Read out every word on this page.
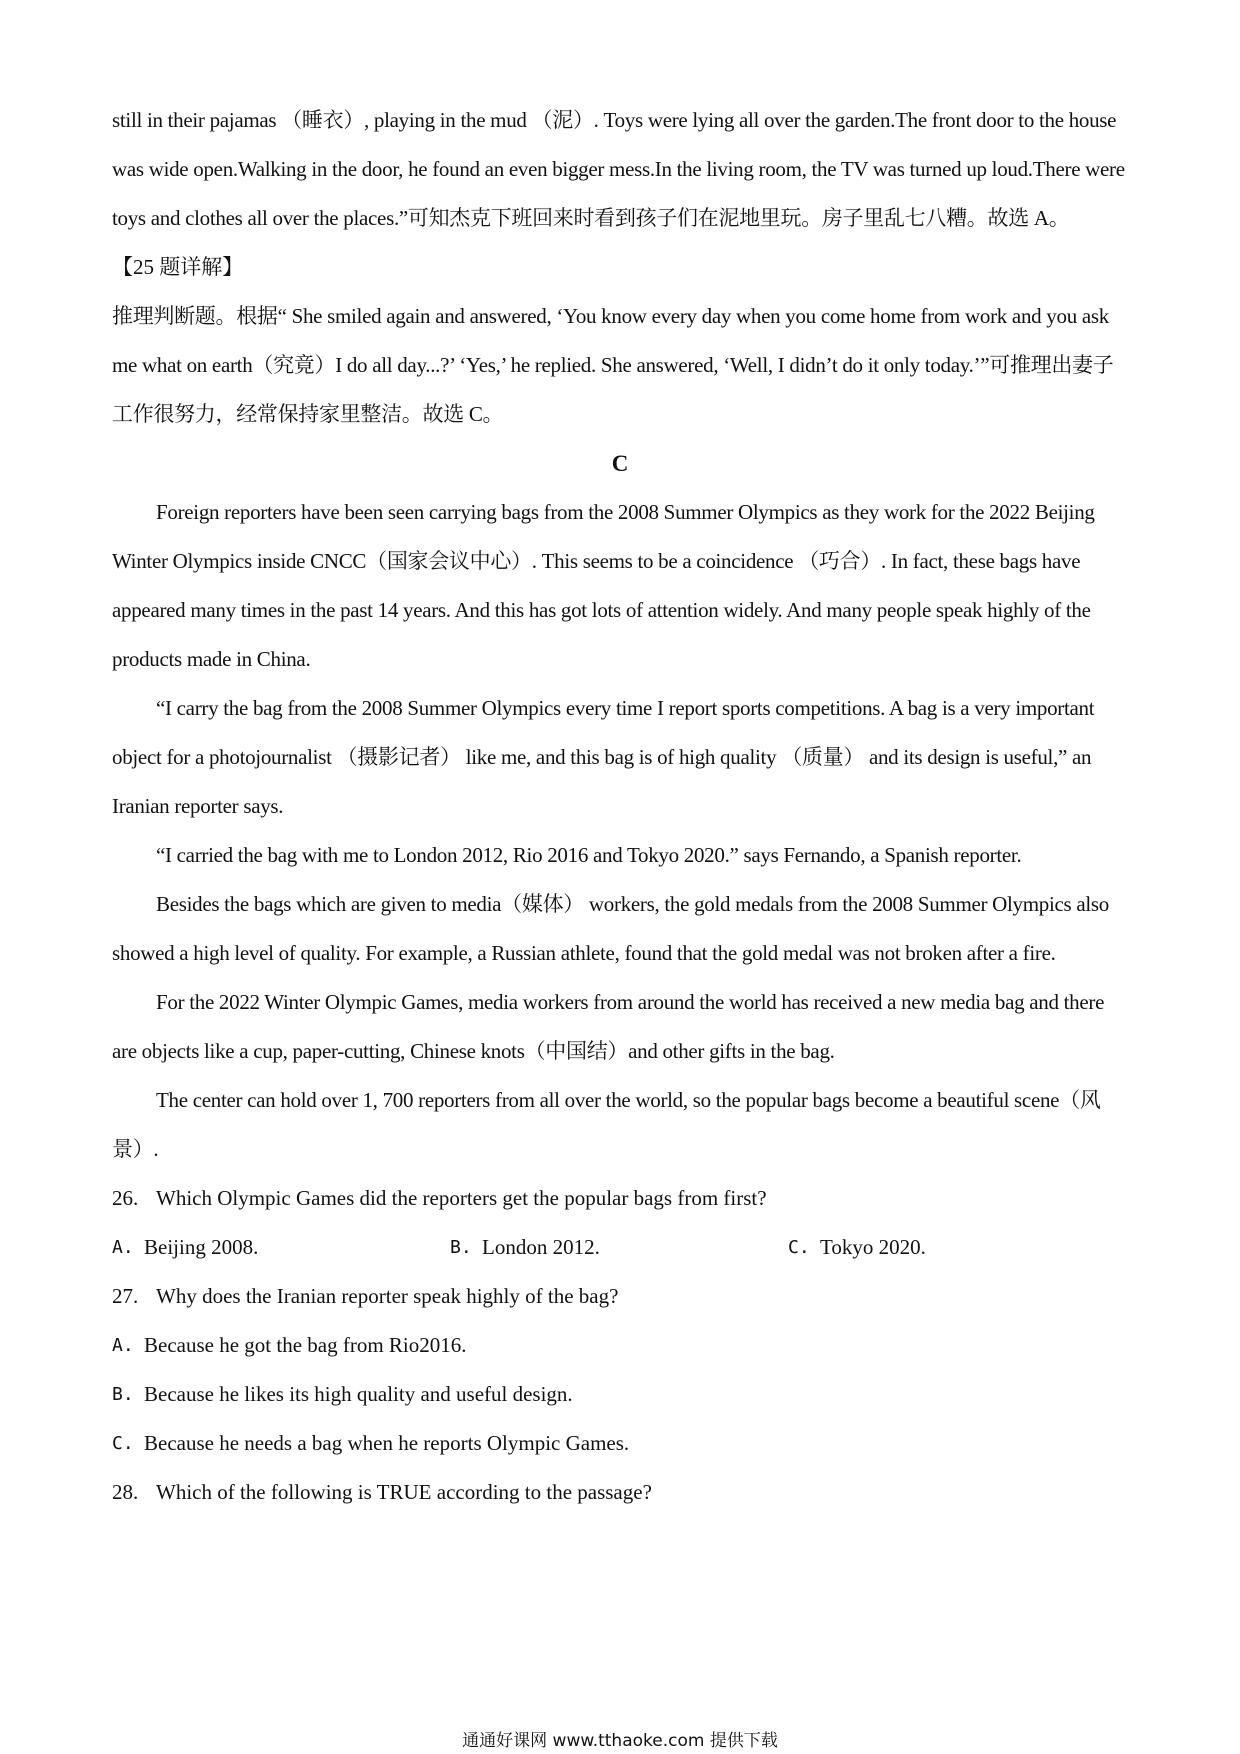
still in their pajamas （睡衣）, playing in the mud （泥）. Toys were lying all over the garden.The front door to the house was wide open.Walking in the door, he found an even bigger mess.In the living room, the TV was turned up loud.There were toys and clothes all over the places.”可知杰克下班回来时看到孩子们在泥地里玩。房子里乱七八糟。故选 A。

【25 题详解】

推理判断题。根据“ She smiled again and answered, ‘You know every day when you come home from work and you ask me what on earth（究竟）I do all day...?’ ‘Yes,’ he replied. She answered, ‘Well, I didn’t do it only today.’”可推理出妻子工作很努力，经常保持家里整洁。故选 C。

C

Foreign reporters have been seen carrying bags from the 2008 Summer Olympics as they work for the 2022 Beijing Winter Olympics inside CNCC（国家会议中心）. This seems to be a coincidence （巧合）. In fact, these bags have appeared many times in the past 14 years. And this has got lots of attention widely. And many people speak highly of the products made in China.

“I carry the bag from the 2008 Summer Olympics every time I report sports competitions. A bag is a very important object for a photojournalist （摄影记者） like me, and this bag is of high quality （质量） and its design is useful,” an Iranian reporter says.

“I carried the bag with me to London 2012, Rio 2016 and Tokyo 2020.” says Fernando, a Spanish reporter.

Besides the bags which are given to media（媒体） workers, the gold medals from the 2008 Summer Olympics also showed a high level of quality. For example, a Russian athlete, found that the gold medal was not broken after a fire.

For the 2022 Winter Olympic Games, media workers from around the world has received a new media bag and there are objects like a cup, paper-cutting, Chinese knots（中国结）and other gifts in the bag.

The center can hold over 1, 700 reporters from all over the world, so the popular bags become a beautiful scene（风景）.

26. Which Olympic Games did the reporters get the popular bags from first?
A. Beijing 2008.	B. London 2012.	C. Tokyo 2020.
27. Why does the Iranian reporter speak highly of the bag?
A. Because he got the bag from Rio2016.
B. Because he likes its high quality and useful design.
C. Because he needs a bag when he reports Olympic Games.
28. Which of the following is TRUE according to the passage?
通通好课网 www.tthaoke.com 提供下载
